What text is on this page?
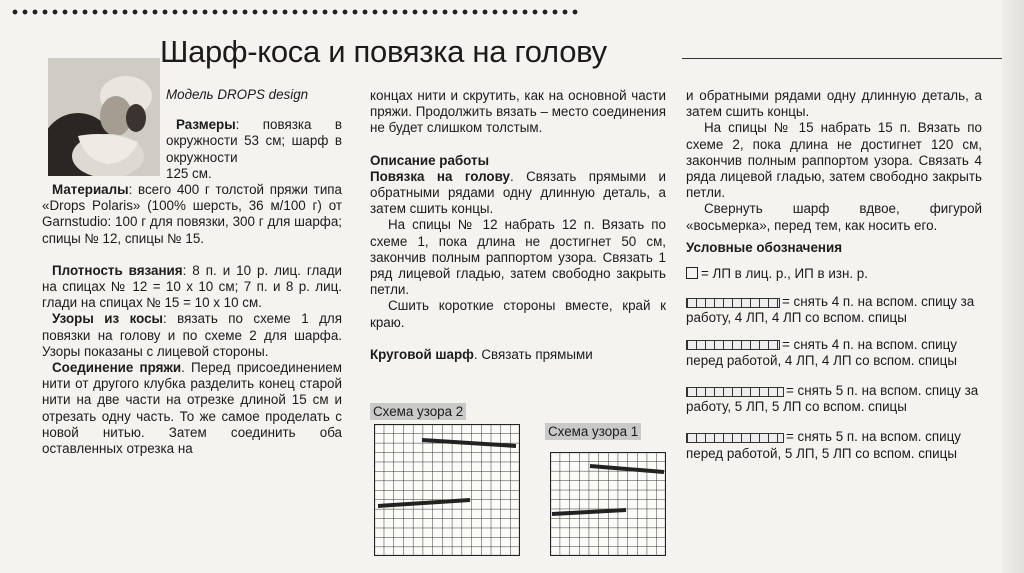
Шарф-коса и повязка на голову

Модель DROPS design

Размеры: повязка в окружности 53 см; шарф в окружности

125 см.

Материалы: всего 400 г толстой пряжи типа «Drops Polaris» (100% шерсть, 36 м/100 г) от Garnstudio: 100 г для повязки, 300 г для шарфа; спицы № 12, спицы № 15.

Плотность вязания: 8 п. и 10 р. лиц. глади на спицах № 12 = 10 х 10 см; 7 п. и 8 р. лиц. глади на спицах № 15 = 10 х 10 см.

Узоры из косы: вязать по схеме 1 для повязки на голову и по схеме 2 для шарфа. Узоры показаны с лицевой стороны.

Соединение пряжи. Перед присоединением нити от другого клубка разделить конец старой нити на две части на отрезке длиной 15 см и отрезать одну часть. То же самое проделать с новой нитью. Затем соединить оба оставленных отрезка на

концах нити и скрутить, как на основной части пряжи. Продолжить вязать – место соединения не будет слишком толстым.

Описание работы

Повязка на голову. Связать прямыми и обратными рядами одну длинную деталь, а затем сшить концы.

На спицы № 12 набрать 12 п. Вязать по схеме 1, пока длина не достигнет 50 см, закончив полным раппортом узора. Связать 1 ряд лицевой гладью, затем свободно закрыть петли.

Сшить короткие стороны вместе, край к краю.

Круговой шарф. Связать прямыми

Схема узора 2
Схема узора 1

и обратными рядами одну длинную деталь, а затем сшить концы.

На спицы № 15 набрать 15 п. Вязать по схеме 2, пока длина не достигнет 120 см, закончив полным раппортом узора. Связать 4 ряда лицевой гладью, затем свободно закрыть петли.

Свернуть шарф вдвое, фигурой «восьмерка», перед тем, как носить его.

Условные обозначения

= ЛП в лиц. р., ИП в изн. р.

= снять 4 п. на вспом. спицу за работу, 4 ЛП, 4 ЛП со вспом. спицы

= снять 4 п. на вспом. спицу перед работой, 4 ЛП, 4 ЛП со вспом. спицы

= снять 5 п. на вспом. спицу за работу, 5 ЛП, 5 ЛП со вспом. спицы

= снять 5 п. на вспом. спицу перед работой, 5 ЛП, 5 ЛП со вспом. спицы
